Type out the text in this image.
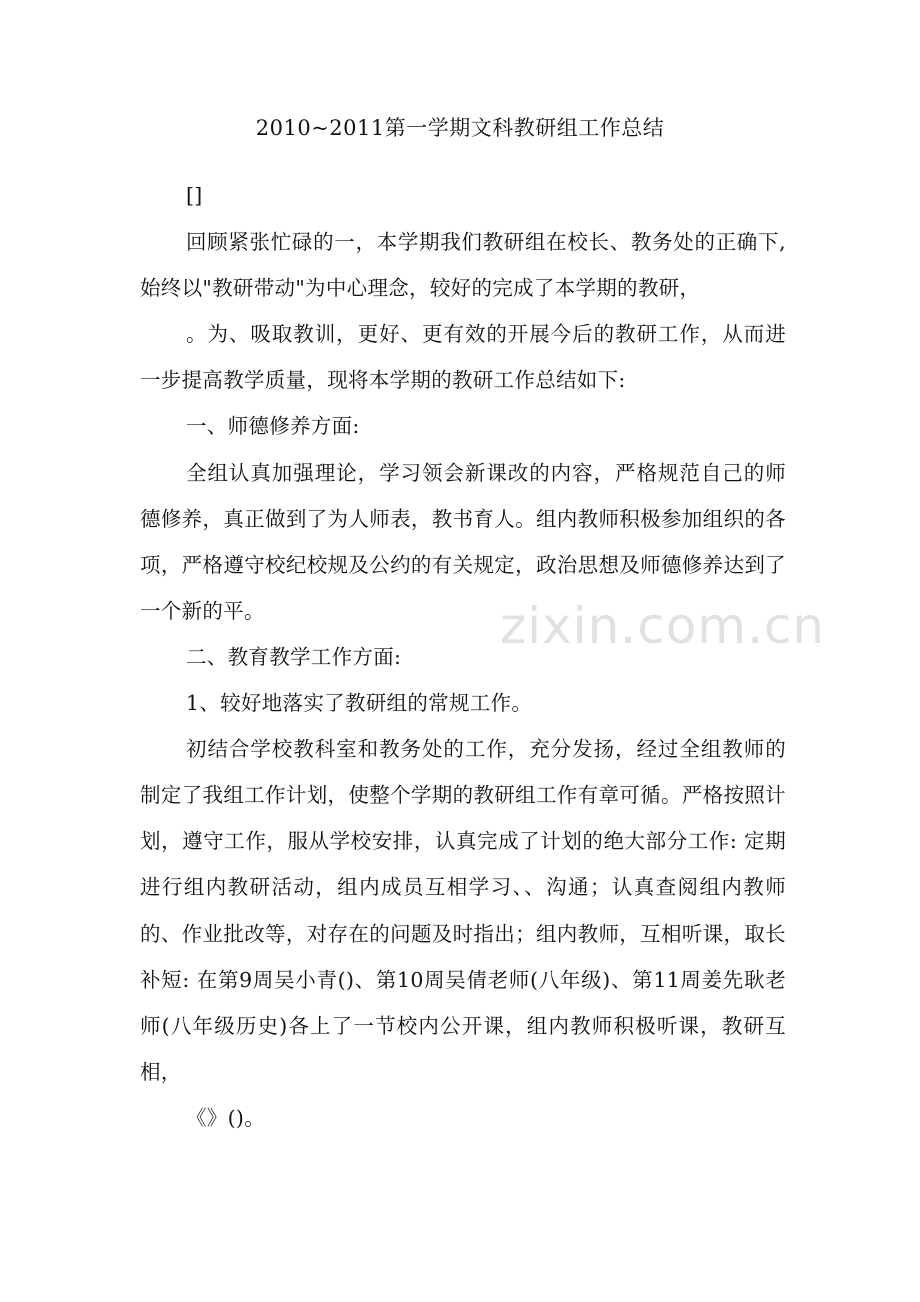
2010~2011第一学期文科教研组工作总结

[]

回顾紧张忙碌的一，本学期我们教研组在校长、教务处的正确下,始终以"教研带动"为中心理念，较好的完成了本学期的教研，

。为、吸取教训，更好、更有效的开展今后的教研工作，从而进一步提高教学质量，现将本学期的教研工作总结如下:

一、师德修养方面:

全组认真加强理论，学习领会新课改的内容，严格规范自己的师德修养，真正做到了为人师表，教书育人。组内教师积极参加组织的各项，严格遵守校纪校规及公约的有关规定，政治思想及师德修养达到了一个新的平。

二、教育教学工作方面:

1、较好地落实了教研组的常规工作。

初结合学校教科室和教务处的工作，充分发扬，经过全组教师的制定了我组工作计划，使整个学期的教研组工作有章可循。严格按照计划，遵守工作，服从学校安排，认真完成了计划的绝大部分工作: 定期进行组内教研活动，组内成员互相学习、、沟通；认真查阅组内教师的、作业批改等，对存在的问题及时指出；组内教师，互相听课，取长补短: 在第9周吴小青()、第10周吴倩老师(八年级)、第11周姜先耿老师(八年级历史)各上了一节校内公开课，组内教师积极听课，教研互相，

《》()。

zixin.com.cn
